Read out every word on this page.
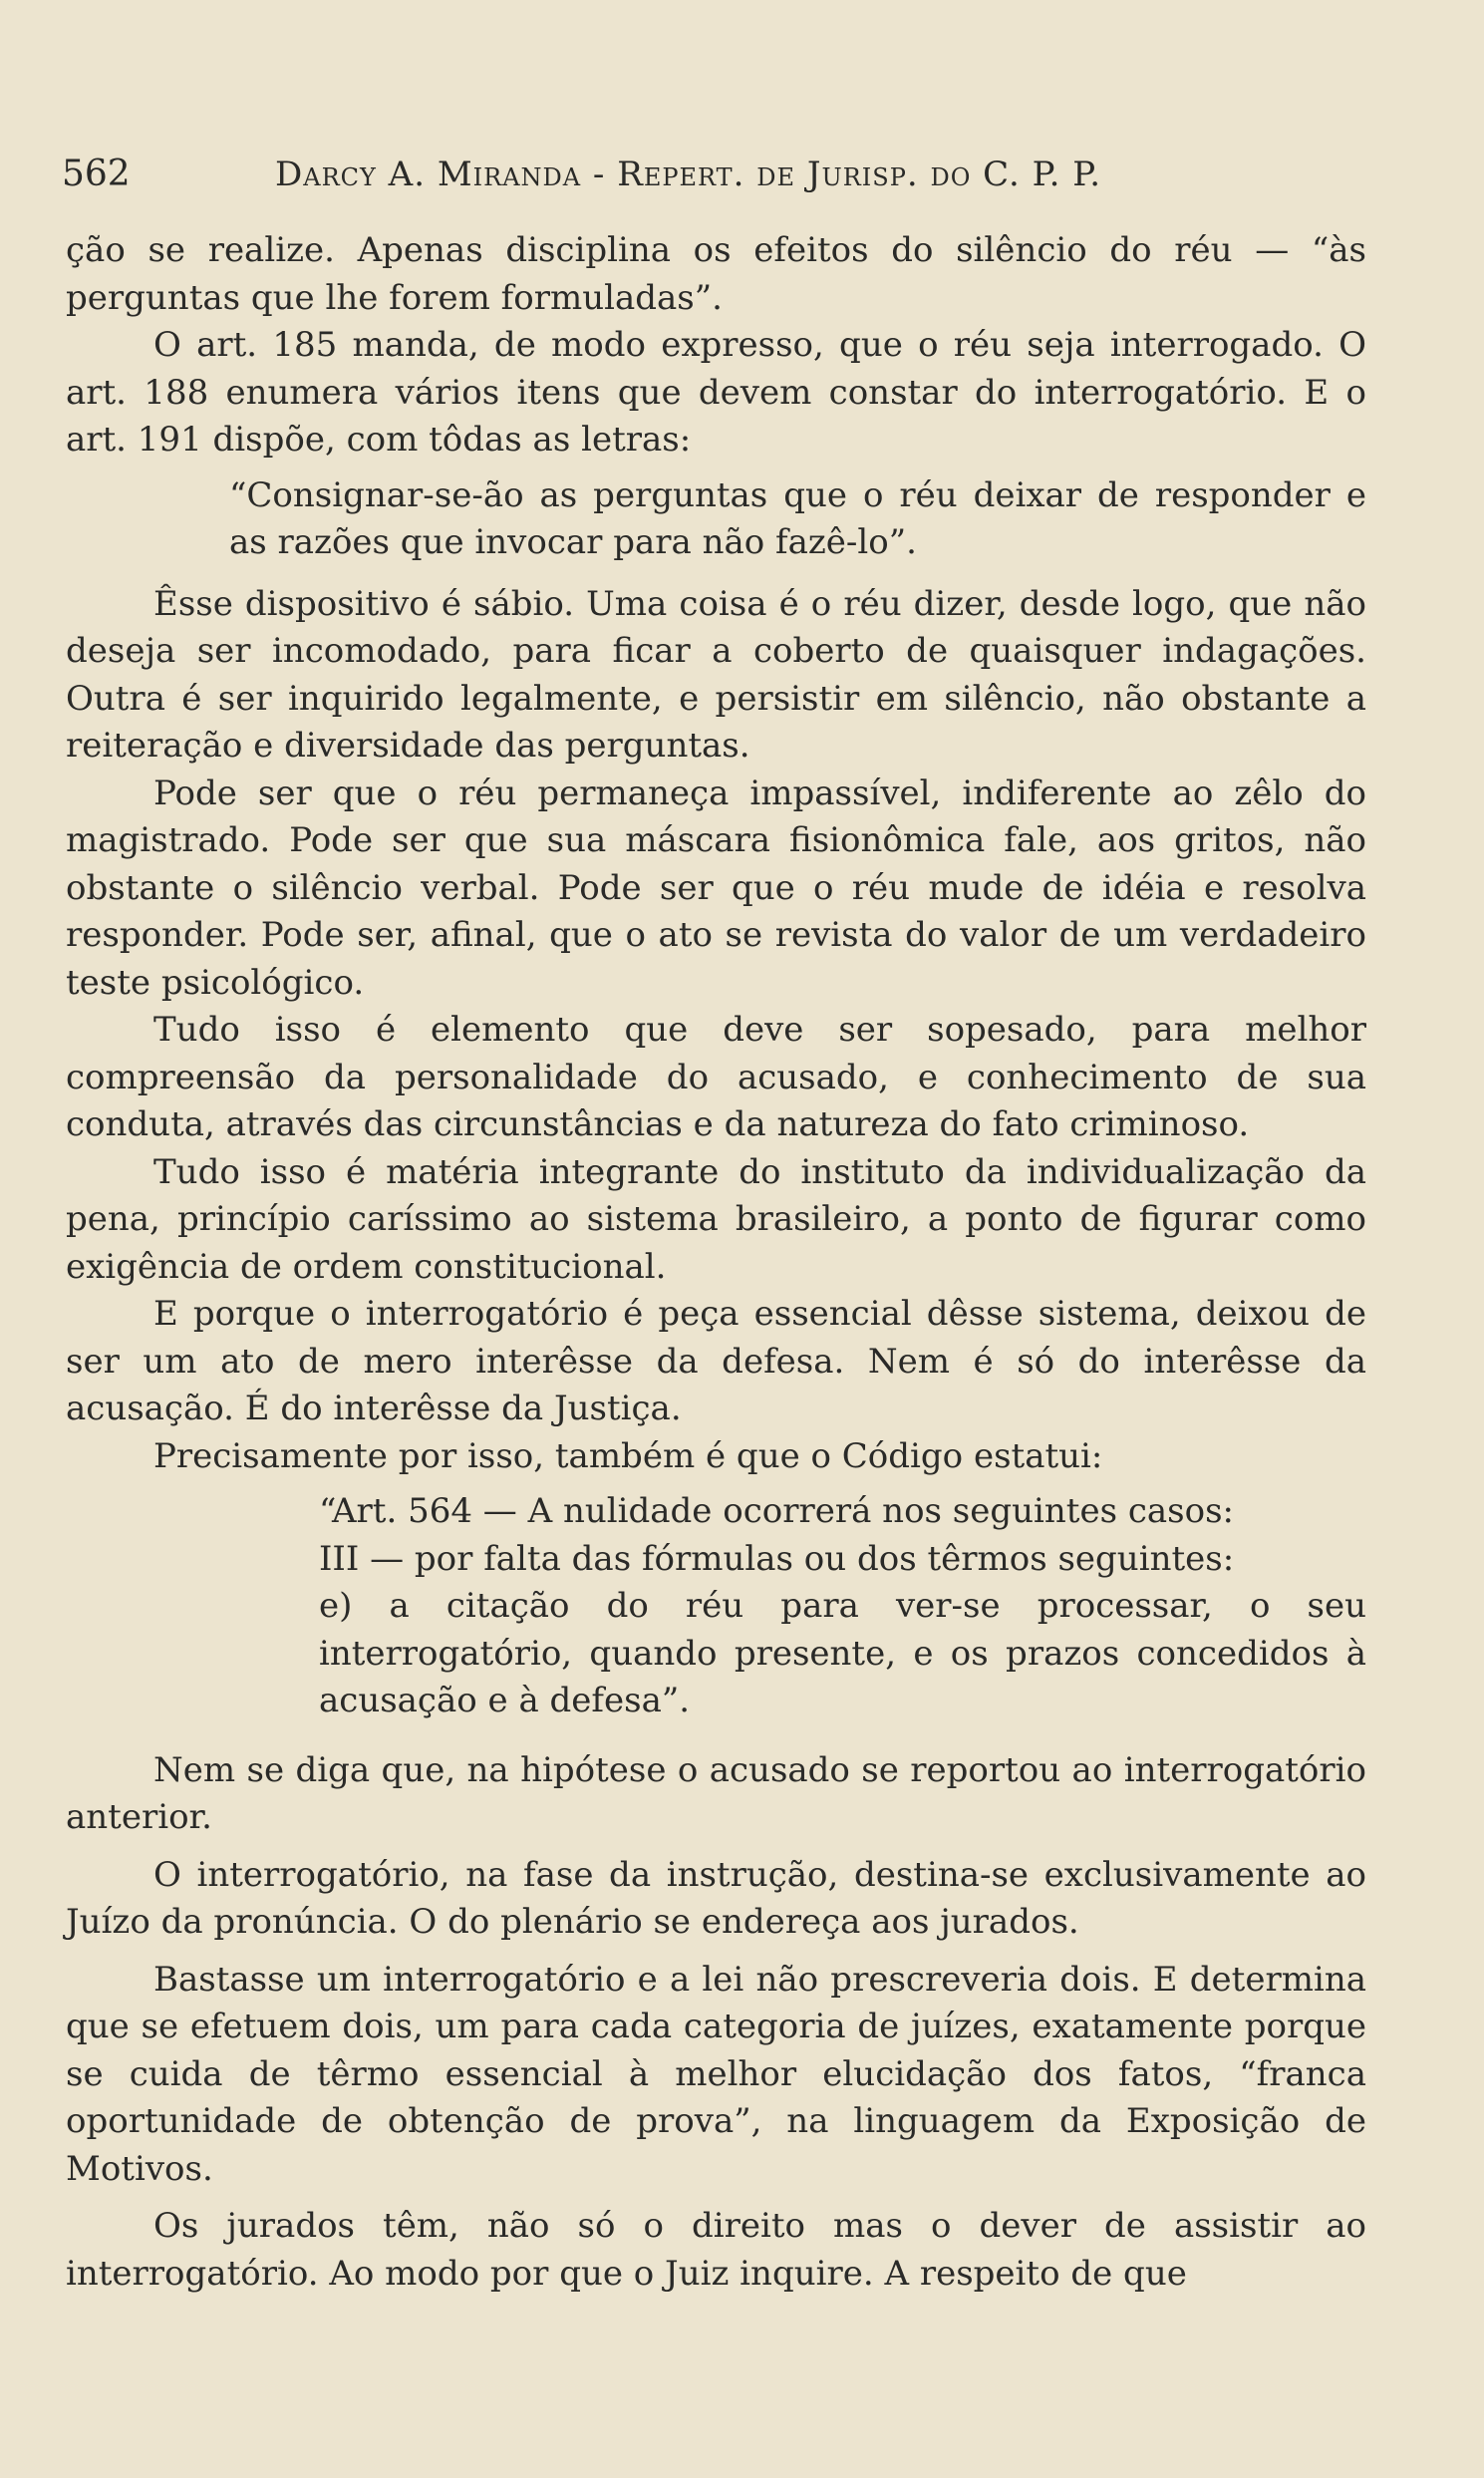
562	Darcy A. Miranda - Repert. de Jurisp. do C. P. P.

ção se realize. Apenas disciplina os efeitos do silêncio do réu — “às perguntas que lhe forem formuladas”.

O art. 185 manda, de modo expresso, que o réu seja interrogado. O art. 188 enumera vários itens que devem constar do interrogatório. E o art. 191 dispõe, com tôdas as letras:

“Consignar-se-ão as perguntas que o réu deixar de responder e as razões que invocar para não fazê-lo”.

Êsse dispositivo é sábio. Uma coisa é o réu dizer, desde logo, que não deseja ser incomodado, para ficar a coberto de quaisquer indagações. Outra é ser inquirido legalmente, e persistir em silêncio, não obstante a reiteração e diversidade das perguntas.

Pode ser que o réu permaneça impassível, indiferente ao zêlo do magistrado. Pode ser que sua máscara fisionômica fale, aos gritos, não obstante o silêncio verbal. Pode ser que o réu mude de idéia e resolva responder. Pode ser, afinal, que o ato se revista do valor de um verdadeiro teste psicológico.

Tudo isso é elemento que deve ser sopesado, para melhor compreensão da personalidade do acusado, e conhecimento de sua conduta, através das circunstâncias e da natureza do fato criminoso.

Tudo isso é matéria integrante do instituto da individualização da pena, princípio caríssimo ao sistema brasileiro, a ponto de figurar como exigência de ordem constitucional.

E porque o interrogatório é peça essencial dêsse sistema, deixou de ser um ato de mero interêsse da defesa. Nem é só do interêsse da acusação. É do interêsse da Justiça.

Precisamente por isso, também é que o Código estatui:

“Art. 564 — A nulidade ocorrerá nos seguintes casos:
III — por falta das fórmulas ou dos têrmos seguintes:
e) a citação do réu para ver-se processar, o seu interrogatório, quando presente, e os prazos concedidos à acusação e à defesa”.

Nem se diga que, na hipótese o acusado se reportou ao interrogatório anterior.

O interrogatório, na fase da instrução, destina-se exclusivamente ao Juízo da pronúncia. O do plenário se endereça aos jurados.

Bastasse um interrogatório e a lei não prescreveria dois. E determina que se efetuem dois, um para cada categoria de juízes, exatamente porque se cuida de têrmo essencial à melhor elucidação dos fatos, “franca oportunidade de obtenção de prova”, na linguagem da Exposição de Motivos.

Os jurados têm, não só o direito mas o dever de assistir ao interrogatório. Ao modo por que o Juiz inquire. A respeito de que
